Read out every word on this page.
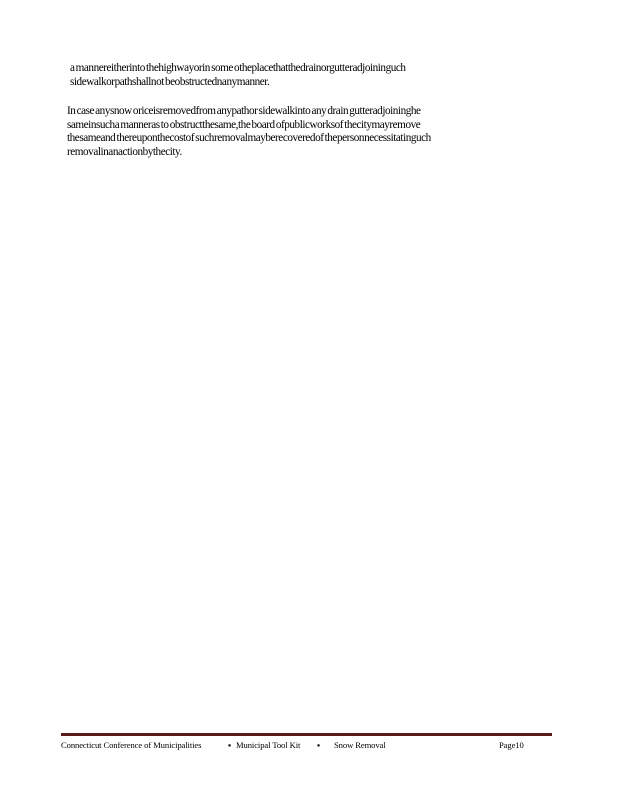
a mannereitherinto thehighwayorin some otheplacethatthedrainorgutteradjoininguch
sidewalkorpathshallnot beobstructednanymanner.

In case anysnow oriceisremovedfrom anypathor sidewalkinto any drain gutteradjoininghe
sameinsucha manneras to obstructthesame,the board ofpublicworksof thecitymayremove
thesameand thereuponthecostof suchremovalmayberecoveredof thepersonnecessitatinguch
removalinanactionbythecity.

Connecticut Conference of Municipalities	▪ Municipal Tool Kit ▪ Snow Removal	Page10
